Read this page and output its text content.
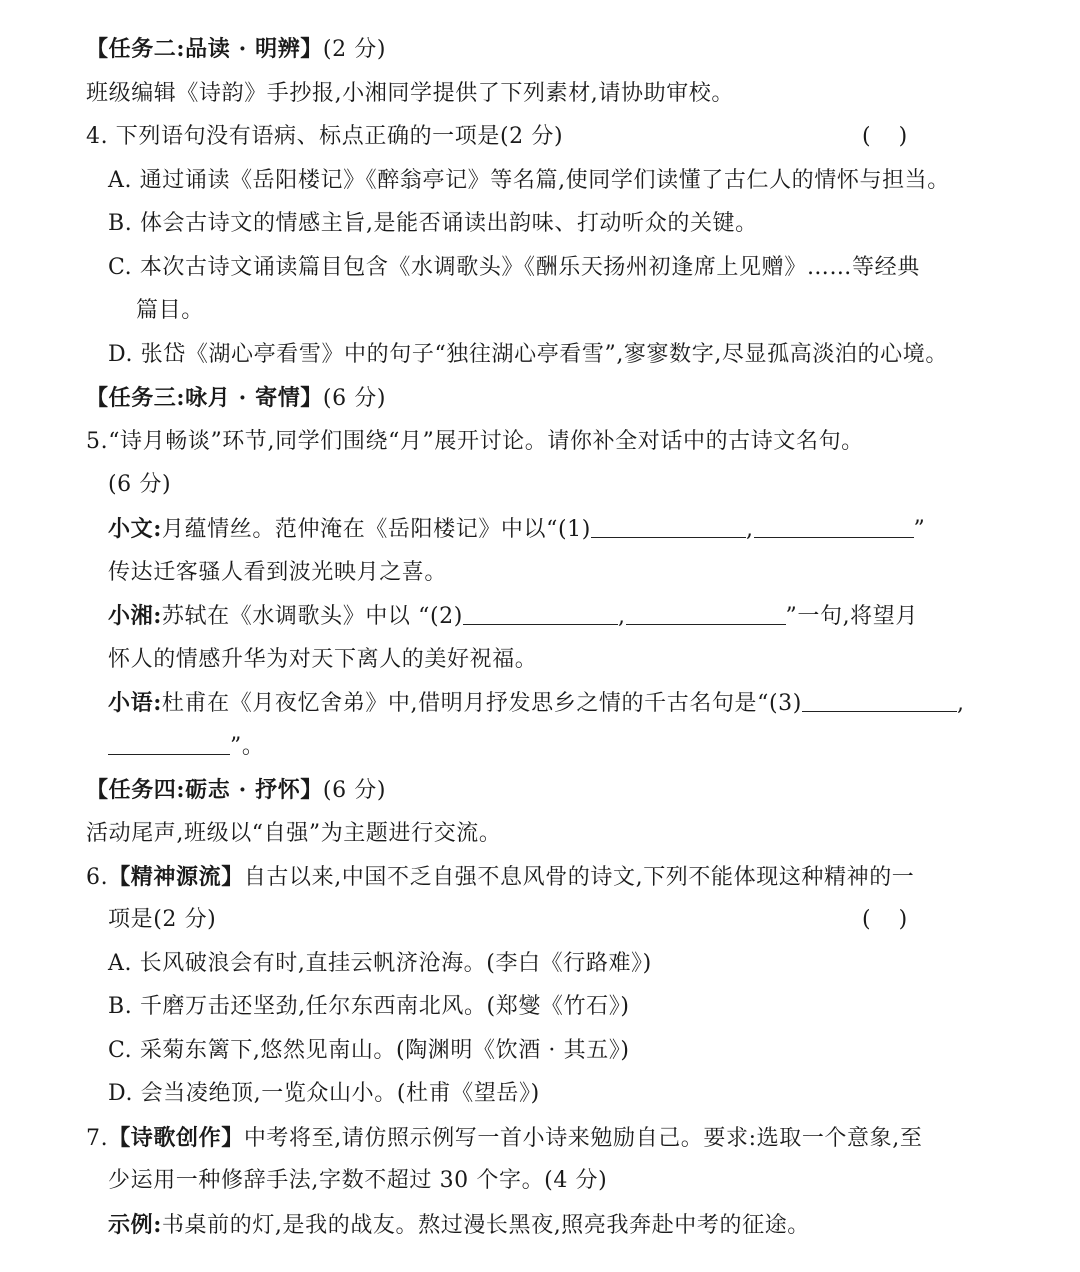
【任务二:品读 · 明辨】(2 分)
班级编辑《诗韵》手抄报,小湘同学提供了下列素材,请协助审校。
4. 下列语句没有语病、标点正确的一项是(2 分)	()
A. 通过诵读《岳阳楼记》《醉翁亭记》等名篇,使同学们读懂了古仁人的情怀与担当。
B. 体会古诗文的情感主旨,是能否诵读出韵味、打动听众的关键。
C. 本次古诗文诵读篇目包含《水调歌头》《酬乐天扬州初逢席上见赠》……等经典
篇目。
D. 张岱《湖心亭看雪》中的句子“独往湖心亭看雪”,寥寥数字,尽显孤高淡泊的心境。
【任务三:咏月 · 寄情】(6 分)
5.“诗月畅谈”环节,同学们围绕“月”展开讨论。请你补全对话中的古诗文名句。
(6 分)
小文:月蕴情丝。范仲淹在《岳阳楼记》中以“(1)	,	”
传达迁客骚人看到波光映月之喜。
小湘:苏轼在《水调歌头》中以 “(2)	,	”一句,将望月
怀人的情感升华为对天下离人的美好祝福。
小语:杜甫在《月夜忆舍弟》中,借明月抒发思乡之情的千古名句是“(3)	,
”。
【任务四:砺志 · 抒怀】(6 分)
活动尾声,班级以“自强”为主题进行交流。
6.【精神源流】自古以来,中国不乏自强不息风骨的诗文,下列不能体现这种精神的一
项是(2 分)	()
A. 长风破浪会有时,直挂云帆济沧海。(李白《行路难》)
B. 千磨万击还坚劲,任尔东西南北风。(郑燮《竹石》)
C. 采菊东篱下,悠然见南山。(陶渊明《饮酒 · 其五》)
D. 会当凌绝顶,一览众山小。(杜甫《望岳》)
7.【诗歌创作】中考将至,请仿照示例写一首小诗来勉励自己。要求:选取一个意象,至
少运用一种修辞手法,字数不超过 30 个字。(4 分)
示例:书桌前的灯,是我的战友。熬过漫长黑夜,照亮我奔赴中考的征途。
